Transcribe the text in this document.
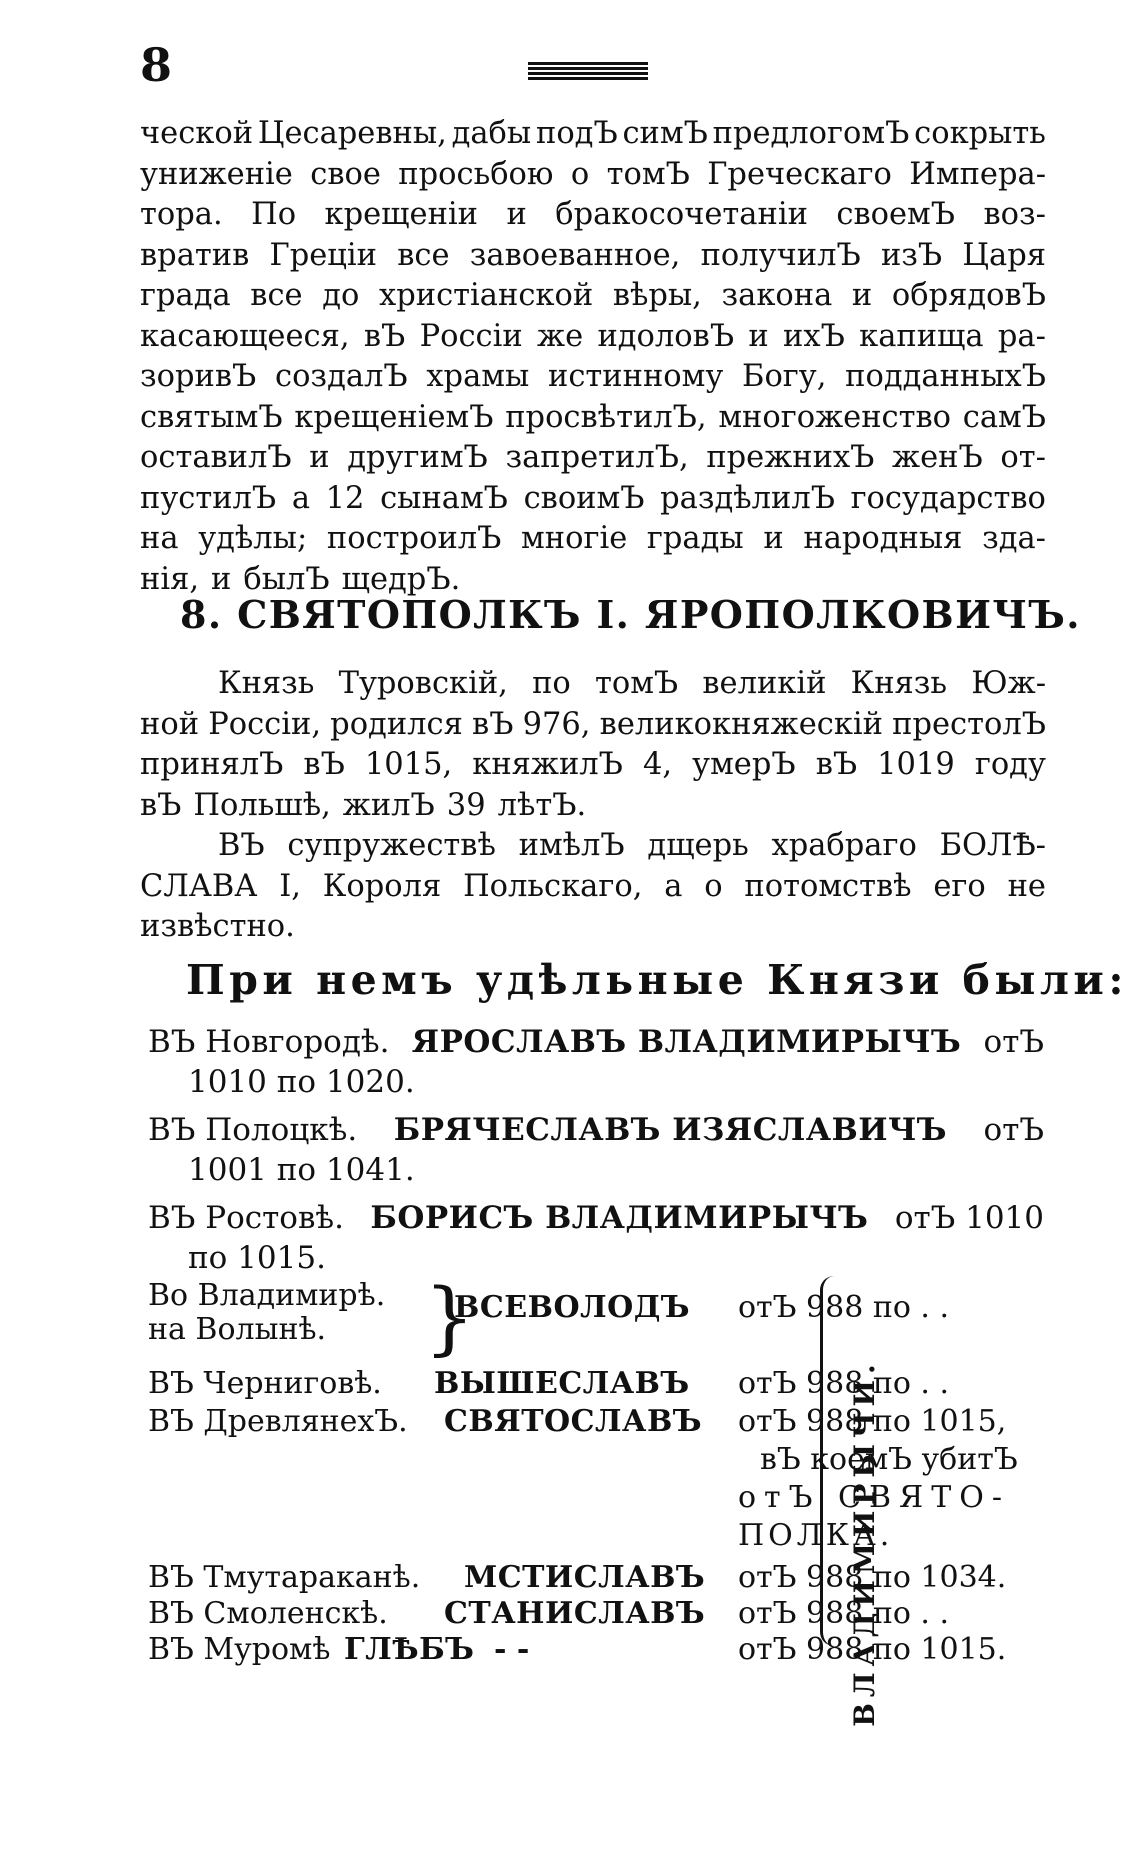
8
ческой Цесаревны, дабы подЪ симЪ предлогомЪ сокрыть
униженіе свое просьбою о томЪ Греческаго Импера-
тора. По крещеніи и бракосочетаніи своемЪ воз-
вратив Греціи все завоеванное, получилЪ изЪ Царя
града все до христіанской вѣры, закона и обрядовЪ
касающееся, вЪ Россіи же идоловЪ и ихЪ капища ра-
зоривЪ создалЪ храмы истинному Богу, подданныхЪ
святымЪ крещеніемЪ просвѣтилЪ, многоженство самЪ
оставилЪ и другимЪ запретилЪ, прежнихЪ женЪ от-
пустилЪ а 12 сынамЪ своимЪ раздѣлилЪ государство
на удѣлы; построилЪ многіе грады и народныя зда-
нія, и былЪ щедрЪ.
8. СВЯТОПОЛКЪ I. ЯРОПОЛКОВИЧЪ.
Князь Туровскій, по томЪ великій Князь Юж-
ной Россіи, родился вЪ 976, великокняжескій престолЪ
принялЪ вЪ 1015, княжилЪ 4, умерЪ вЪ 1019 году
вЪ Польшѣ, жилЪ 39 лѣтЪ.
ВЪ супружествѣ имѣлЪ дщерь храбраго БОЛѢ-
СЛАВА I, Короля Польскаго, а о потомствѣ его не
извѣстно.
При немъ удѣльные Князи были:
ВЪ Новгородѣ. ЯРОСЛАВЪ ВЛАДИМИРЫЧЪ отЪ
1010 по 1020.
ВЪ Полоцкѣ. БРЯЧЕСЛАВЪ ИЗЯСЛАВИЧЪ отЪ
1001 по 1041.
ВЪ Ростовѣ. БОРИСЪ ВЛАДИМИРЫЧЪ отЪ 1010
по 1015.
Во Владимирѣ.
на Волынѣ. }
ВСЕВОЛОДЪ отЪ 988 по . .
ВЪ Черниговѣ. ВЫШЕСЛАВЪ отЪ 988 по . .
ВЪ ДревлянехЪ. СВЯТОСЛАВЪ отЪ 988 по 1015,
вЪ коемЪ убитЪ
отЪ СВЯТО-
ПОЛКА.
ВЪ Тмутараканѣ. МСТИСЛАВЪ отЪ 988 по 1034.
ВЪ Смоленскѣ. СТАНИСЛАВЪ отЪ 988 по . .
ВЪ Муромѣ ГЛѢБЪ - -	отЪ 988 по 1015.
ВЛАДИМИРЫЧИ.
